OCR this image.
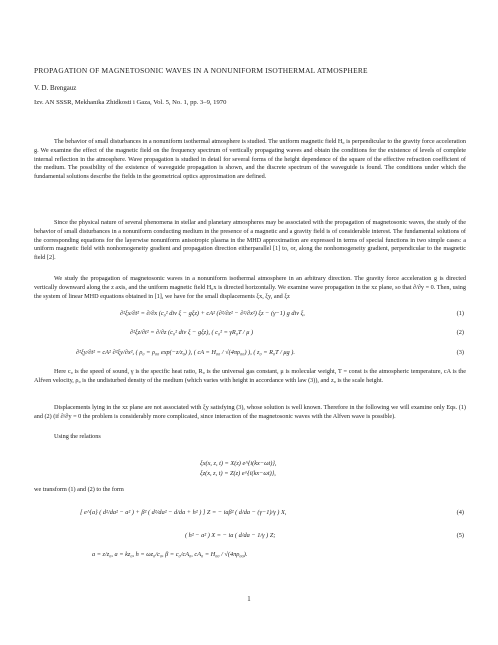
PROPAGATION OF MAGNETOSONIC WAVES IN A NONUNIFORM ISOTHERMAL ATMOSPHERE
V. D. Brengauz
Izv. AN SSSR, Mekhanika Zhidkosti i Gaza, Vol. 5, No. 1, pp. 3–9, 1970

The behavior of small disturbances in a nonuniform isothermal atmosphere is studied. The uniform magnetic field H₀ is perpendicular to the gravity force acceleration g. We examine the effect of the magnetic field on the frequency spectrum of vertically propagating waves and obtain the conditions for the existence of levels of complete internal reflection in the atmosphere. Wave propagation is studied in detail for several forms of the height dependence of the square of the effective refraction coefficient of the medium. The possibility of the existence of waveguide propagation is shown, and the discrete spectrum of the waveguide is found. The conditions under which the fundamental solutions describe the fields in the geometrical optics approximation are defined.

Since the physical nature of several phenomena in stellar and planetary atmospheres may be associated with the propagation of magnetosonic waves, the study of the behavior of small disturbances in a nonuniform conducting medium in the presence of a magnetic and a gravity field is of considerable interest. The fundamental solutions of the corresponding equations for the layerwise nonuniform anisotropic plasma in the MHD approximation are expressed in terms of special functions in two simple cases: a uniform magnetic field with nonhomogeneity gradient and propagation direction eitherparallel [1] to, or, along the nonhomogeneity gradient, perpendicular to the magnetic field [2].

We study the propagation of magnetosonic waves in a nonuniform isothermal atmosphere in an arbitrary direction. The gravity force acceleration g is directed vertically downward along the z axis, and the uniform magnetic field H₀x is directed horizontally. We examine wave propagation in the xz plane, so that ∂/∂y = 0. Then, using the system of linear MHD equations obtained in [1], we have for the small displacements ξx, ξy, and ξz

∂²ξx/∂t² = ∂/∂x (c₀² div ξ − gξz) + cA² (∂²/∂z² − ∂²/∂x²) ξz − (γ−1) g div ξ,	(1)
∂²ξz/∂t² = ∂/∂z (c₀² div ξ − gξz), ( c₀² = γR₀T / μ )	(2)
∂²ξy/∂t² = cA² ∂²ξy/∂x², ( ρ₀ = ρ₀₀ exp(−z/z₀) ), ( cA = H₀₀ / √(4πρ₀₀) ), ( z₀ = R₀T / μg ).	(3)

Here c₀ is the speed of sound, γ is the specific heat ratio, R₀ is the universal gas constant, μ is molecular weight, T = const is the atmospheric temperature, cA is the Alfven velocity, ρ₀ is the undisturbed density of the medium (which varies with height in accordance with law (3)), and z₀ is the scale height.

Displacements lying in the xz plane are not associated with ξy satisfying (3), whose solution is well known. Therefore in the following we will examine only Eqs. (1) and (2) (if ∂/∂y = 0 the problem is considerably more complicated, since interaction of the magnetosonic waves with the Alfven wave is possible).

Using the relations

ξx(x, z, t) = X(z) e^{i(kx−ωt)},
ξz(x, z, t) = Z(z) e^{i(kx−ωt)},

we transform (1) and (2) to the form

[ e^{a} ( d²/da² − a² ) + β² ( d²/da² − d/da + h² ) ] Z = − iaβ² ( d/da − (γ−1)/γ ) X,	(4)
( h² − a² ) X = − ia ( d/da − 1/γ ) Z;	(5)
a = z/z₀, a = kz₀, h = ωz₀/c₀, β = c₀/cA₀, cA₀ = H₀₀ / √(4πρ₀₀).
1
